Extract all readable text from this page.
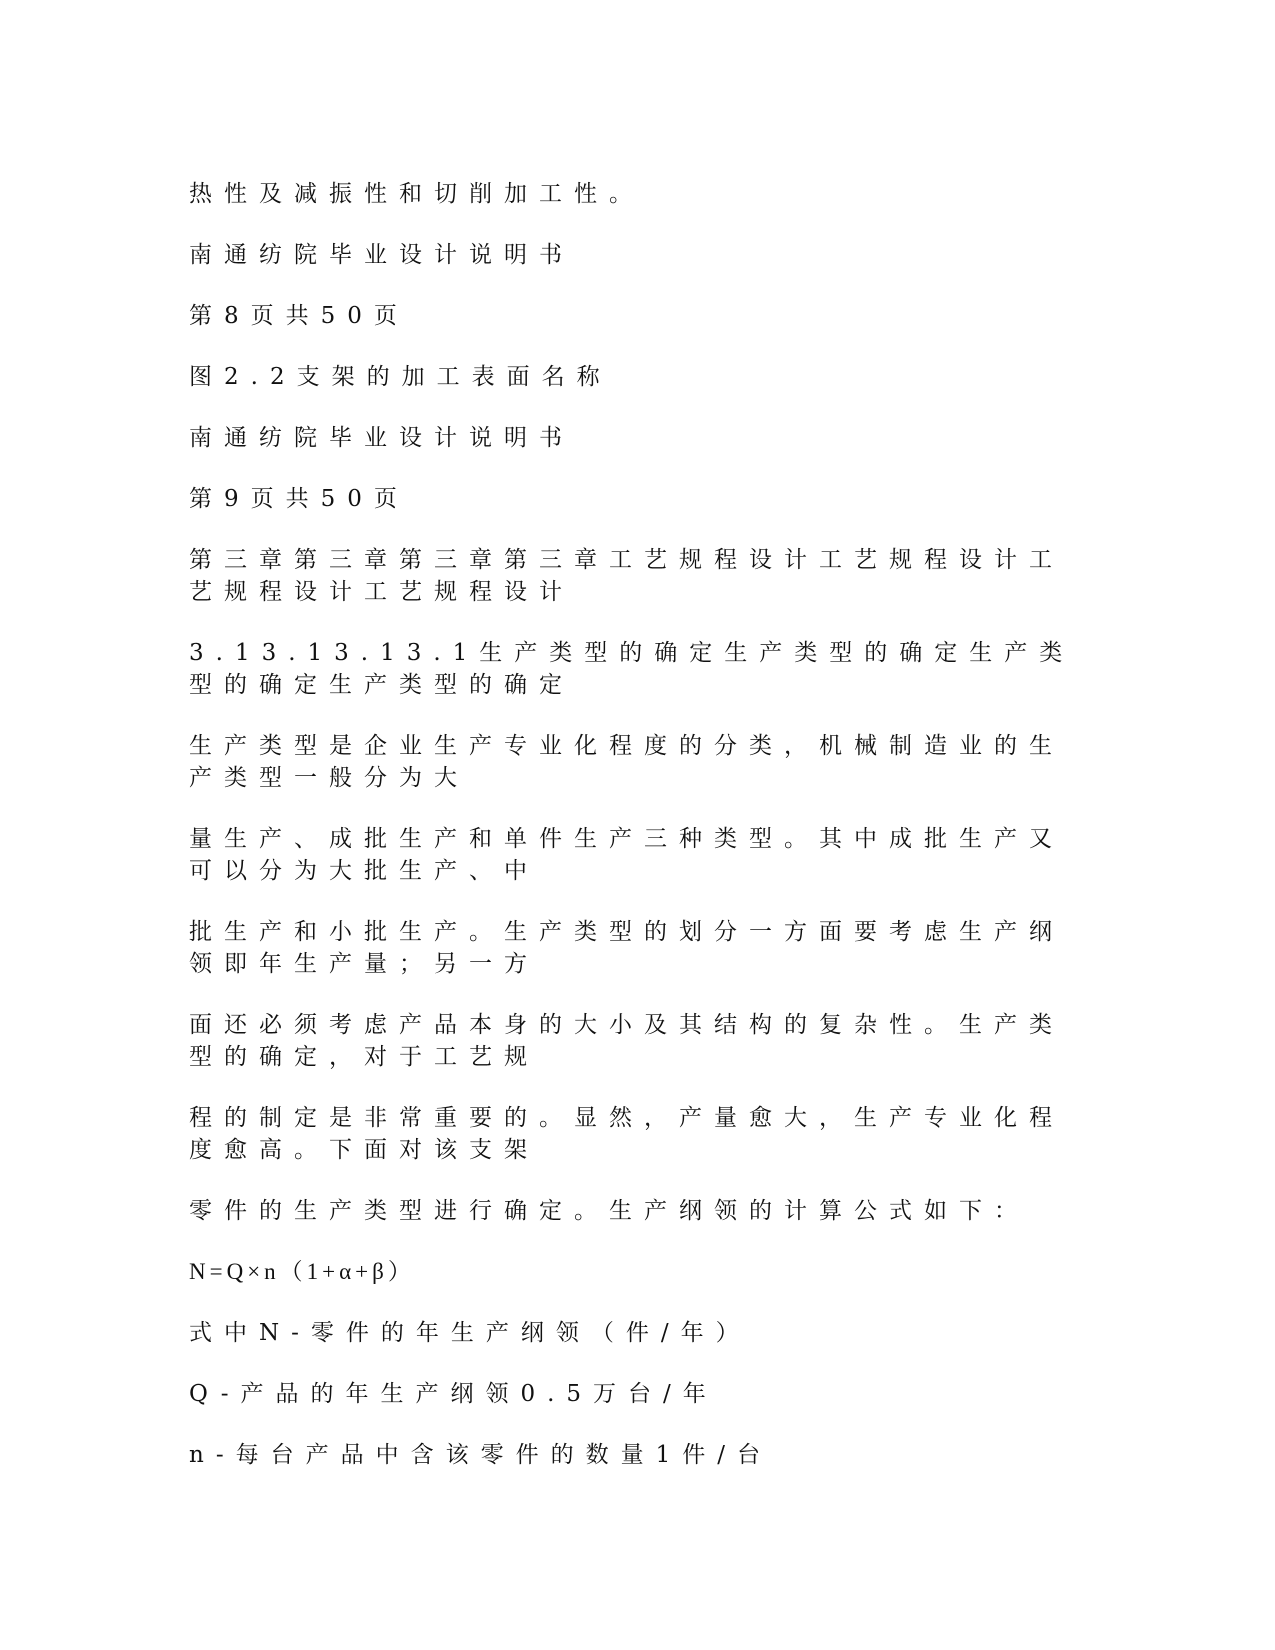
热性及减振性和切削加工性。

南通纺院毕业设计说明书

第8页共50页

图2.2支架的加工表面名称

南通纺院毕业设计说明书

第9页共50页

第三章第三章第三章第三章工艺规程设计工艺规程设计工艺规程设计工艺规程设计

3.13.13.13.1生产类型的确定生产类型的确定生产类型的确定生产类型的确定

生产类型是企业生产专业化程度的分类，机械制造业的生产类型一般分为大

量生产、成批生产和单件生产三种类型。其中成批生产又可以分为大批生产、中

批生产和小批生产。生产类型的划分一方面要考虑生产纲领即年生产量；另一方

面还必须考虑产品本身的大小及其结构的复杂性。生产类型的确定，对于工艺规

程的制定是非常重要的。显然，产量愈大，生产专业化程度愈高。下面对该支架

零件的生产类型进行确定。生产纲领的计算公式如下：

N=Q×n（1+α+β）

式中N-零件的年生产纲领（件/年）

Q-产品的年生产纲领0.5万台/年

n-每台产品中含该零件的数量1件/台
